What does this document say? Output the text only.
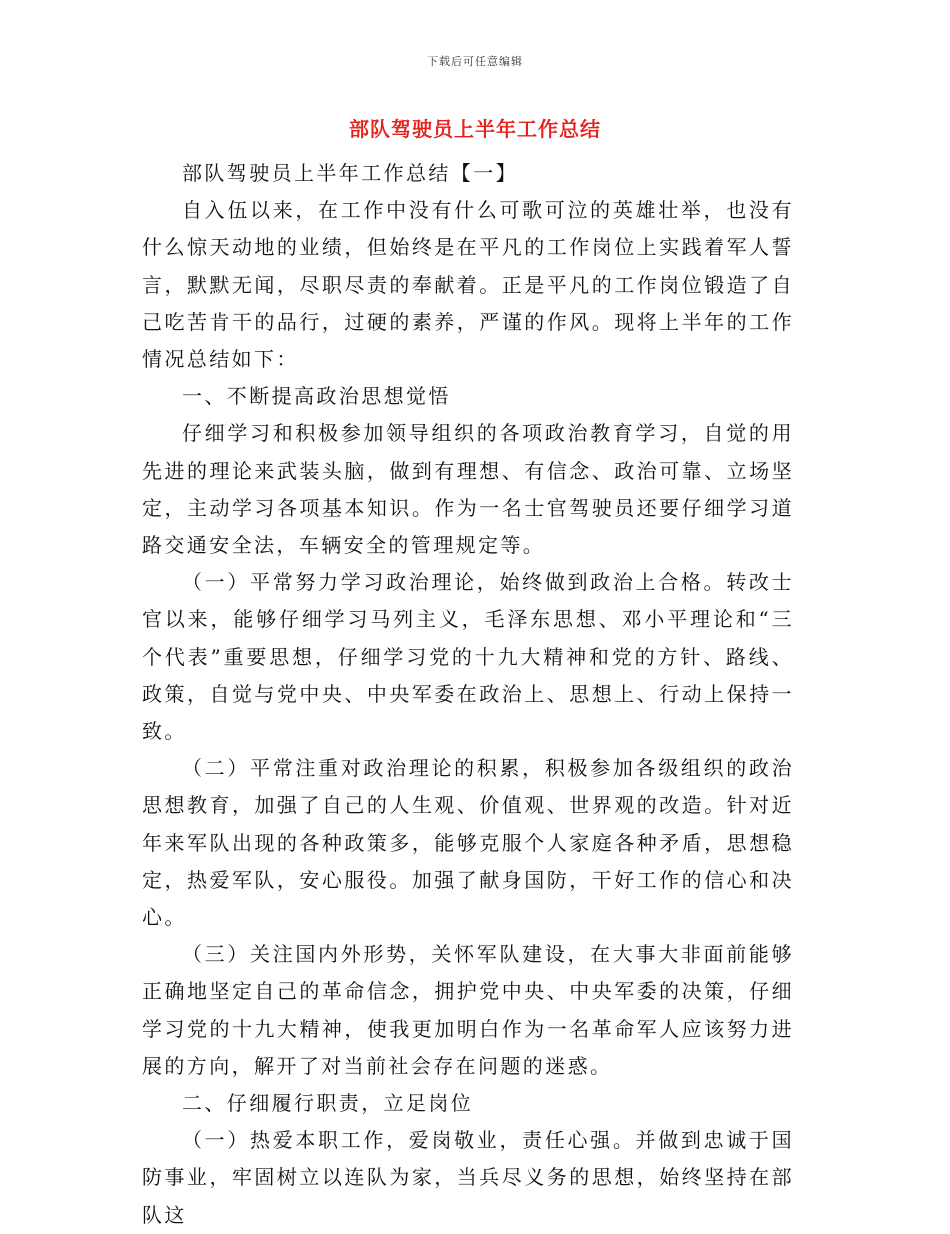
下载后可任意编辑
部队驾驶员上半年工作总结

部队驾驶员上半年工作总结【一】

自入伍以来，在工作中没有什么可歌可泣的英雄壮举，也没有什么惊天动地的业绩，但始终是在平凡的工作岗位上实践着军人誓言，默默无闻，尽职尽责的奉献着。正是平凡的工作岗位锻造了自己吃苦肯干的品行，过硬的素养，严谨的作风。现将上半年的工作情况总结如下：

一、不断提高政治思想觉悟

仔细学习和积极参加领导组织的各项政治教育学习，自觉的用先进的理论来武装头脑，做到有理想、有信念、政治可靠、立场坚定，主动学习各项基本知识。作为一名士官驾驶员还要仔细学习道路交通安全法，车辆安全的管理规定等。

（一）平常努力学习政治理论，始终做到政治上合格。转改士官以来，能够仔细学习马列主义，毛泽东思想、邓小平理论和“三个代表”重要思想，仔细学习党的十九大精神和党的方针、路线、政策，自觉与党中央、中央军委在政治上、思想上、行动上保持一致。

（二）平常注重对政治理论的积累，积极参加各级组织的政治思想教育，加强了自己的人生观、价值观、世界观的改造。针对近年来军队出现的各种政策多，能够克服个人家庭各种矛盾，思想稳定，热爱军队，安心服役。加强了献身国防，干好工作的信心和决心。

（三）关注国内外形势，关怀军队建设，在大事大非面前能够正确地坚定自己的革命信念，拥护党中央、中央军委的决策，仔细学习党的十九大精神，使我更加明白作为一名革命军人应该努力进展的方向，解开了对当前社会存在问题的迷惑。

二、仔细履行职责，立足岗位

（一）热爱本职工作，爱岗敬业，责任心强。并做到忠诚于国防事业，牢固树立以连队为家，当兵尽义务的思想，始终坚持在部队这
